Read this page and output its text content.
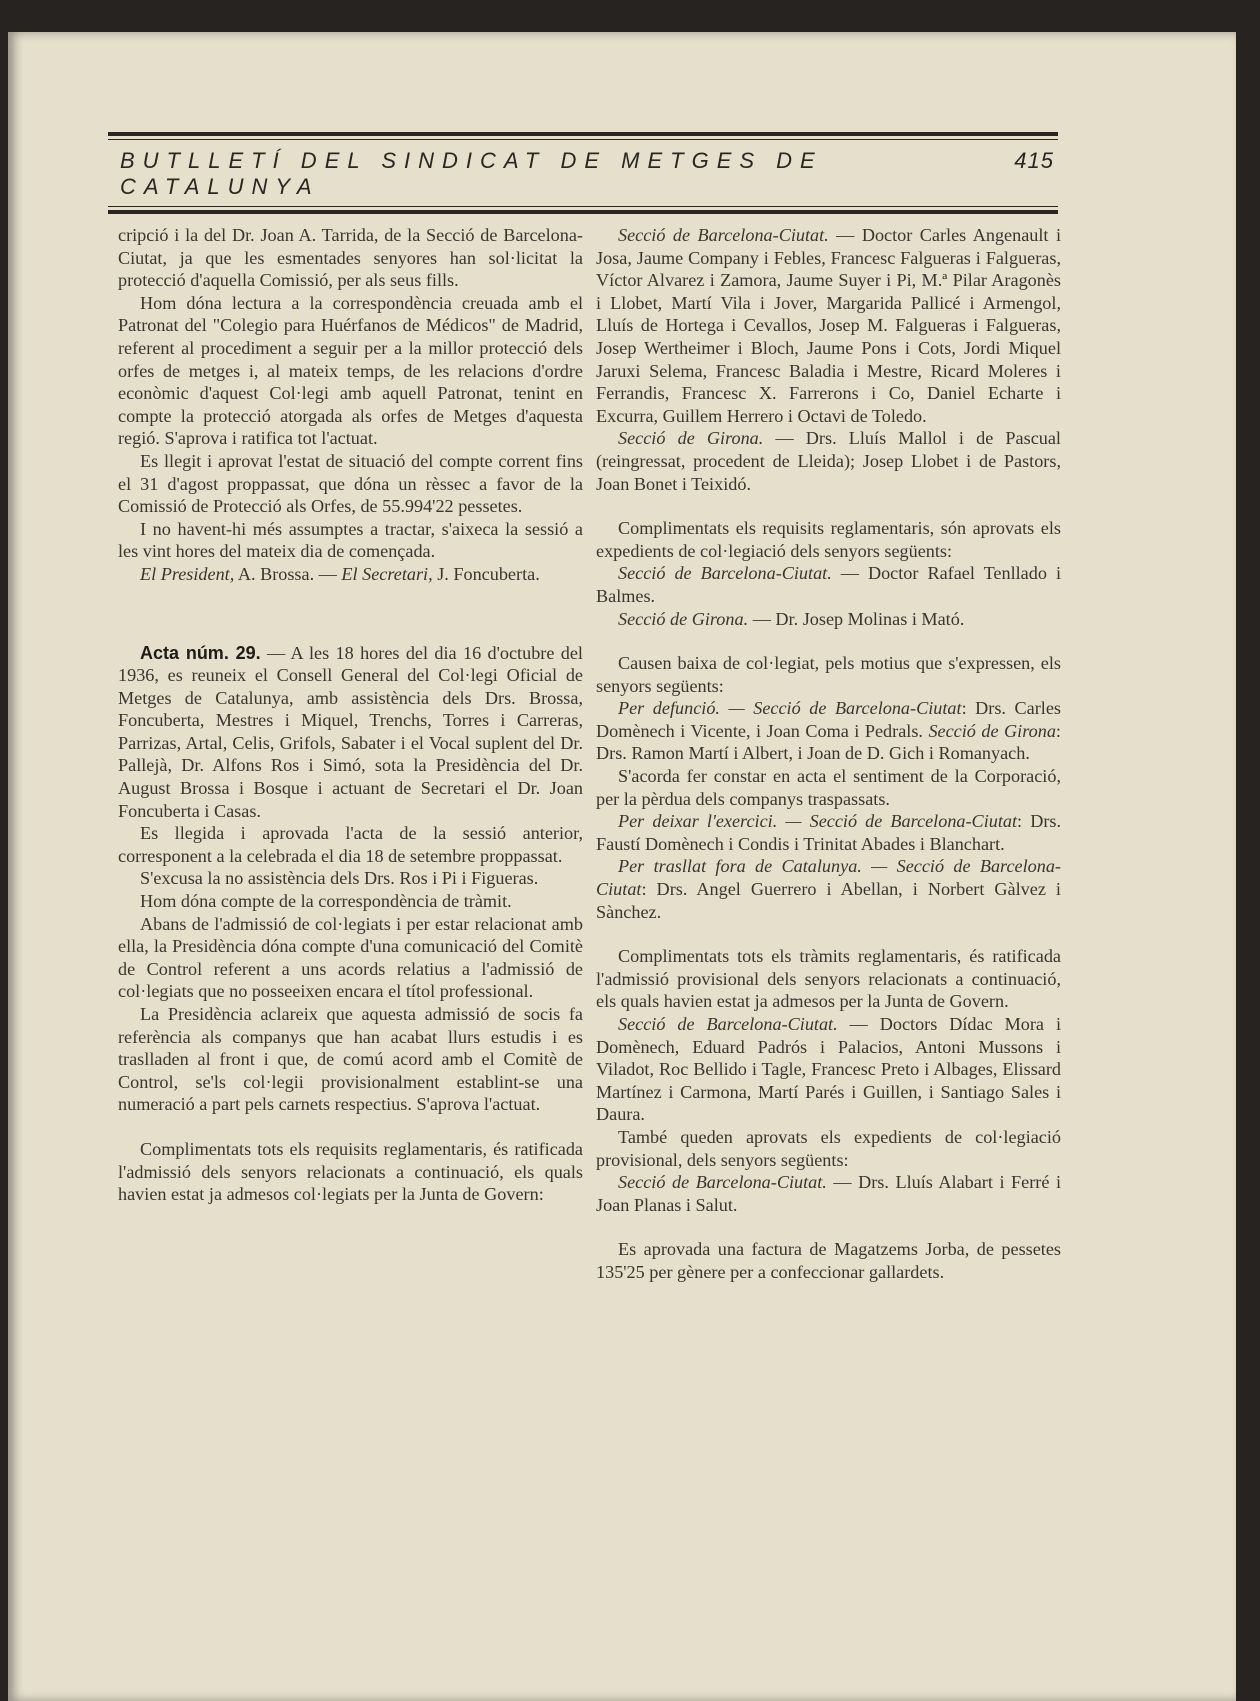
BUTLLETÍ DEL SINDICAT DE METGES DE CATALUNYA
415

cripció i la del Dr. Joan A. Tarrida, de la Secció de Barcelona-Ciutat, ja que les esmentades senyores han sol·licitat la protecció d'aquella Comissió, per als seus fills.

Hom dóna lectura a la correspondència creuada amb el Patronat del "Colegio para Huérfanos de Médicos" de Madrid, referent al procediment a seguir per a la millor protecció dels orfes de metges i, al mateix temps, de les relacions d'ordre econòmic d'aquest Col·legi amb aquell Patronat, tenint en compte la protecció atorgada als orfes de Metges d'aquesta regió. S'aprova i ratifica tot l'actuat.

Es llegit i aprovat l'estat de situació del compte corrent fins el 31 d'agost proppassat, que dóna un rèssec a favor de la Comissió de Protecció als Orfes, de 55.994'22 pessetes.

I no havent-hi més assumptes a tractar, s'aixeca la sessió a les vint hores del mateix dia de començada.

El President, A. Brossa. — El Secretari, J. Foncuberta.

Acta núm. 29. — A les 18 hores del dia 16 d'octubre del 1936, es reuneix el Consell General del Col·legi Oficial de Metges de Catalunya, amb assistència dels Drs. Brossa, Foncuberta, Mestres i Miquel, Trenchs, Torres i Carreras, Parrizas, Artal, Celis, Grifols, Sabater i el Vocal suplent del Dr. Pallejà, Dr. Alfons Ros i Simó, sota la Presidència del Dr. August Brossa i Bosque i actuant de Secretari el Dr. Joan Foncuberta i Casas.

Es llegida i aprovada l'acta de la sessió anterior, corresponent a la celebrada el dia 18 de setembre proppassat.

S'excusa la no assistència dels Drs. Ros i Pi i Figueras.

Hom dóna compte de la correspondència de tràmit.

Abans de l'admissió de col·legiats i per estar relacionat amb ella, la Presidència dóna compte d'una comunicació del Comitè de Control referent a uns acords relatius a l'admissió de col·legiats que no posseeixen encara el títol professional.

La Presidència aclareix que aquesta admissió de socis fa referència als companys que han acabat llurs estudis i es traslladen al front i que, de comú acord amb el Comitè de Control, se'ls col·legii provisionalment establint-se una numeració a part pels carnets respectius. S'aprova l'actuat.

Complimentats tots els requisits reglamentaris, és ratificada l'admissió dels senyors relacionats a continuació, els quals havien estat ja admesos col·legiats per la Junta de Govern:

Secció de Barcelona-Ciutat. — Doctor Carles Angenault i Josa, Jaume Company i Febles, Francesc Falgueras i Falgueras, Víctor Alvarez i Zamora, Jaume Suyer i Pi, M.ª Pilar Aragonès i Llobet, Martí Vila i Jover, Margarida Pallicé i Armengol, Lluís de Hortega i Cevallos, Josep M. Falgueras i Falgueras, Josep Wertheimer i Bloch, Jaume Pons i Cots, Jordi Miquel Jaruxi Selema, Francesc Baladia i Mestre, Ricard Moleres i Ferrandis, Francesc X. Farrerons i Co, Daniel Echarte i Excurra, Guillem Herrero i Octavi de Toledo.

Secció de Girona. — Drs. Lluís Mallol i de Pascual (reingressat, procedent de Lleida); Josep Llobet i de Pastors, Joan Bonet i Teixidó.

Complimentats els requisits reglamentaris, són aprovats els expedients de col·legiació dels senyors següents:

Secció de Barcelona-Ciutat. — Doctor Rafael Tenllado i Balmes.

Secció de Girona. — Dr. Josep Molinas i Mató.

Causen baixa de col·legiat, pels motius que s'expressen, els senyors següents:

Per defunció. — Secció de Barcelona-Ciutat: Drs. Carles Domènech i Vicente, i Joan Coma i Pedrals. Secció de Girona: Drs. Ramon Martí i Albert, i Joan de D. Gich i Romanyach.

S'acorda fer constar en acta el sentiment de la Corporació, per la pèrdua dels companys traspassats.

Per deixar l'exercici. — Secció de Barcelona-Ciutat: Drs. Faustí Domènech i Condis i Trinitat Abades i Blanchart.

Per trasllat fora de Catalunya. — Secció de Barcelona-Ciutat: Drs. Angel Guerrero i Abellan, i Norbert Gàlvez i Sànchez.

Complimentats tots els tràmits reglamentaris, és ratificada l'admissió provisional dels senyors relacionats a continuació, els quals havien estat ja admesos per la Junta de Govern.

Secció de Barcelona-Ciutat. — Doctors Dídac Mora i Domènech, Eduard Padrós i Palacios, Antoni Mussons i Viladot, Roc Bellido i Tagle, Francesc Preto i Albages, Elissard Martínez i Carmona, Martí Parés i Guillen, i Santiago Sales i Daura.

També queden aprovats els expedients de col·legiació provisional, dels senyors següents:

Secció de Barcelona-Ciutat. — Drs. Lluís Alabart i Ferré i Joan Planas i Salut.

Es aprovada una factura de Magatzems Jorba, de pessetes 135'25 per gènere per a confeccionar gallardets.
